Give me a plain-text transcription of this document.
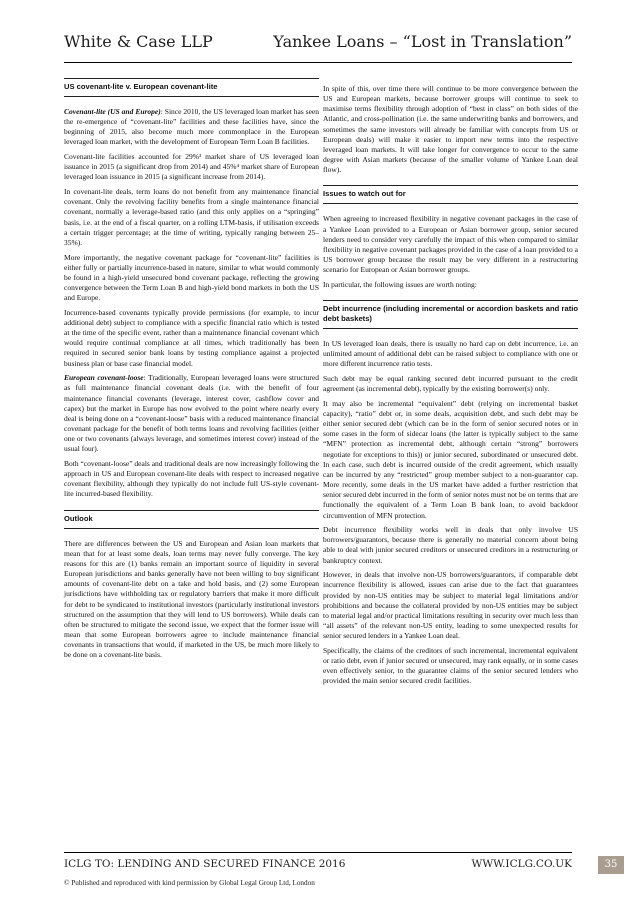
White & Case LLP	Yankee Loans – “Lost in Translation”
US covenant-lite v. European covenant-lite

Covenant-lite (US and Europe): Since 2010, the US leveraged loan market has seen the re-emergence of “covenant-lite” facilities and these facilities have, since the beginning of 2015, also become much more commonplace in the European leveraged loan market, with the development of European Term Loan B facilities.

Covenant-lite facilities accounted for 29%³ market share of US leveraged loan issuance in 2015 (a significant drop from 2014) and 45%⁴ market share of European leveraged loan issuance in 2015 (a significant increase from 2014).

In covenant-lite deals, term loans do not benefit from any maintenance financial covenant. Only the revolving facility benefits from a single maintenance financial covenant, normally a leverage-based ratio (and this only applies on a “springing” basis, i.e. at the end of a fiscal quarter, on a rolling LTM-basis, if utilisation exceeds a certain trigger percentage; at the time of writing, typically ranging between 25–35%).

More importantly, the negative covenant package for “covenant-lite” facilities is either fully or partially incurrence-based in nature, similar to what would commonly be found in a high-yield unsecured bond covenant package, reflecting the growing convergence between the Term Loan B and high-yield bond markets in both the US and Europe.

Incurrence-based covenants typically provide permissions (for example, to incur additional debt) subject to compliance with a specific financial ratio which is tested at the time of the specific event, rather than a maintenance financial covenant which would require continual compliance at all times, which traditionally has been required in secured senior bank loans by testing compliance against a projected business plan or base case financial model.

European covenant-loose: Traditionally, European leveraged loans were structured as full maintenance financial covenant deals (i.e. with the benefit of four maintenance financial covenants (leverage, interest cover, cashflow cover and capex) but the market in Europe has now evolved to the point where nearly every deal is being done on a “covenant-loose” basis with a reduced maintenance financial covenant package for the benefit of both terms loans and revolving facilities (either one or two covenants (always leverage, and sometimes interest cover) instead of the usual four).

Both “covenant-loose” deals and traditional deals are now increasingly following the approach in US and European covenant-lite deals with respect to increased negative covenant flexibility, although they typically do not include full US-style covenant-lite incurred-based flexibility.

Outlook

There are differences between the US and European and Asian loan markets that mean that for at least some deals, loan terms may never fully converge. The key reasons for this are (1) banks remain an important source of liquidity in several European jurisdictions and banks generally have not been willing to buy significant amounts of covenant-lite debt on a take and hold basis, and (2) some European jurisdictions have withholding tax or regulatory barriers that make it more difficult for debt to be syndicated to institutional investors (particularly institutional investors structured on the assumption that they will lend to US borrowers). While deals can often be structured to mitigate the second issue, we expect that the former issue will mean that some European borrowers agree to include maintenance financial covenants in transactions that would, if marketed in the US, be much more likely to be done on a covenant-lite basis.

In spite of this, over time there will continue to be more convergence between the US and European markets, because borrower groups will continue to seek to maximise terms flexibility through adoption of “best in class” on both sides of the Atlantic, and cross-pollination (i.e. the same underwriting banks and borrowers, and sometimes the same investors will already be familiar with concepts from US or European deals) will make it easier to import new terms into the respective leveraged loan markets. It will take longer for convergence to occur to the same degree with Asian markets (because of the smaller volume of Yankee Loan deal flow).

Issues to watch out for

When agreeing to increased flexibility in negative covenant packages in the case of a Yankee Loan provided to a European or Asian borrower group, senior secured lenders need to consider very carefully the impact of this when compared to similar flexibility in negative covenant packages provided in the case of a loan provided to a US borrower group because the result may be very different in a restructuring scenario for European or Asian borrower groups.

In particular, the following issues are worth noting:

Debt incurrence (including incremental or accordion baskets and ratio debt baskets)

In US leveraged loan deals, there is usually no hard cap on debt incurrence, i.e. an unlimited amount of additional debt can be raised subject to compliance with one or more different incurrence ratio tests.

Such debt may be equal ranking secured debt incurred pursuant to the credit agreement (as incremental debt), typically by the existing borrower(s) only.

It may also be incremental “equivalent” debt (relying on incremental basket capacity), “ratio” debt or, in some deals, acquisition debt, and such debt may be either senior secured debt (which can be in the form of senior secured notes or in some cases in the form of sidecar loans (the latter is typically subject to the same “MFN” protection as incremental debt, although certain “strong” borrowers negotiate for exceptions to this)) or junior secured, subordinated or unsecured debt. In each case, such debt is incurred outside of the credit agreement, which usually can be incurred by any “restricted” group member subject to a non-guarantor cap. More recently, some deals in the US market have added a further restriction that senior secured debt incurred in the form of senior notes must not be on terms that are functionally the equivalent of a Term Loan B bank loan, to avoid backdoor circumvention of MFN protection.

Debt incurrence flexibility works well in deals that only involve US borrowers/guarantors, because there is generally no material concern about being able to deal with junior secured creditors or unsecured creditors in a restructuring or bankruptcy context.

However, in deals that involve non-US borrowers/guarantors, if comparable debt incurrence flexibility is allowed, issues can arise due to the fact that guarantees provided by non-US entities may be subject to material legal limitations and/or prohibitions and because the collateral provided by non-US entities may be subject to material legal and/or practical limitations resulting in security over much less than “all assets” of the relevant non-US entity, leading to some unexpected results for senior secured lenders in a Yankee Loan deal.

Specifically, the claims of the creditors of such incremental, incremental equivalent or ratio debt, even if junior secured or unsecured, may rank equally, or in some cases even effectively senior, to the guarantee claims of the senior secured lenders who provided the main senior secured credit facilities.

ICLG TO: LENDING AND SECURED FINANCE 2016	WWW.ICLG.CO.UK	35
© Published and reproduced with kind permission by Global Legal Group Ltd, London
